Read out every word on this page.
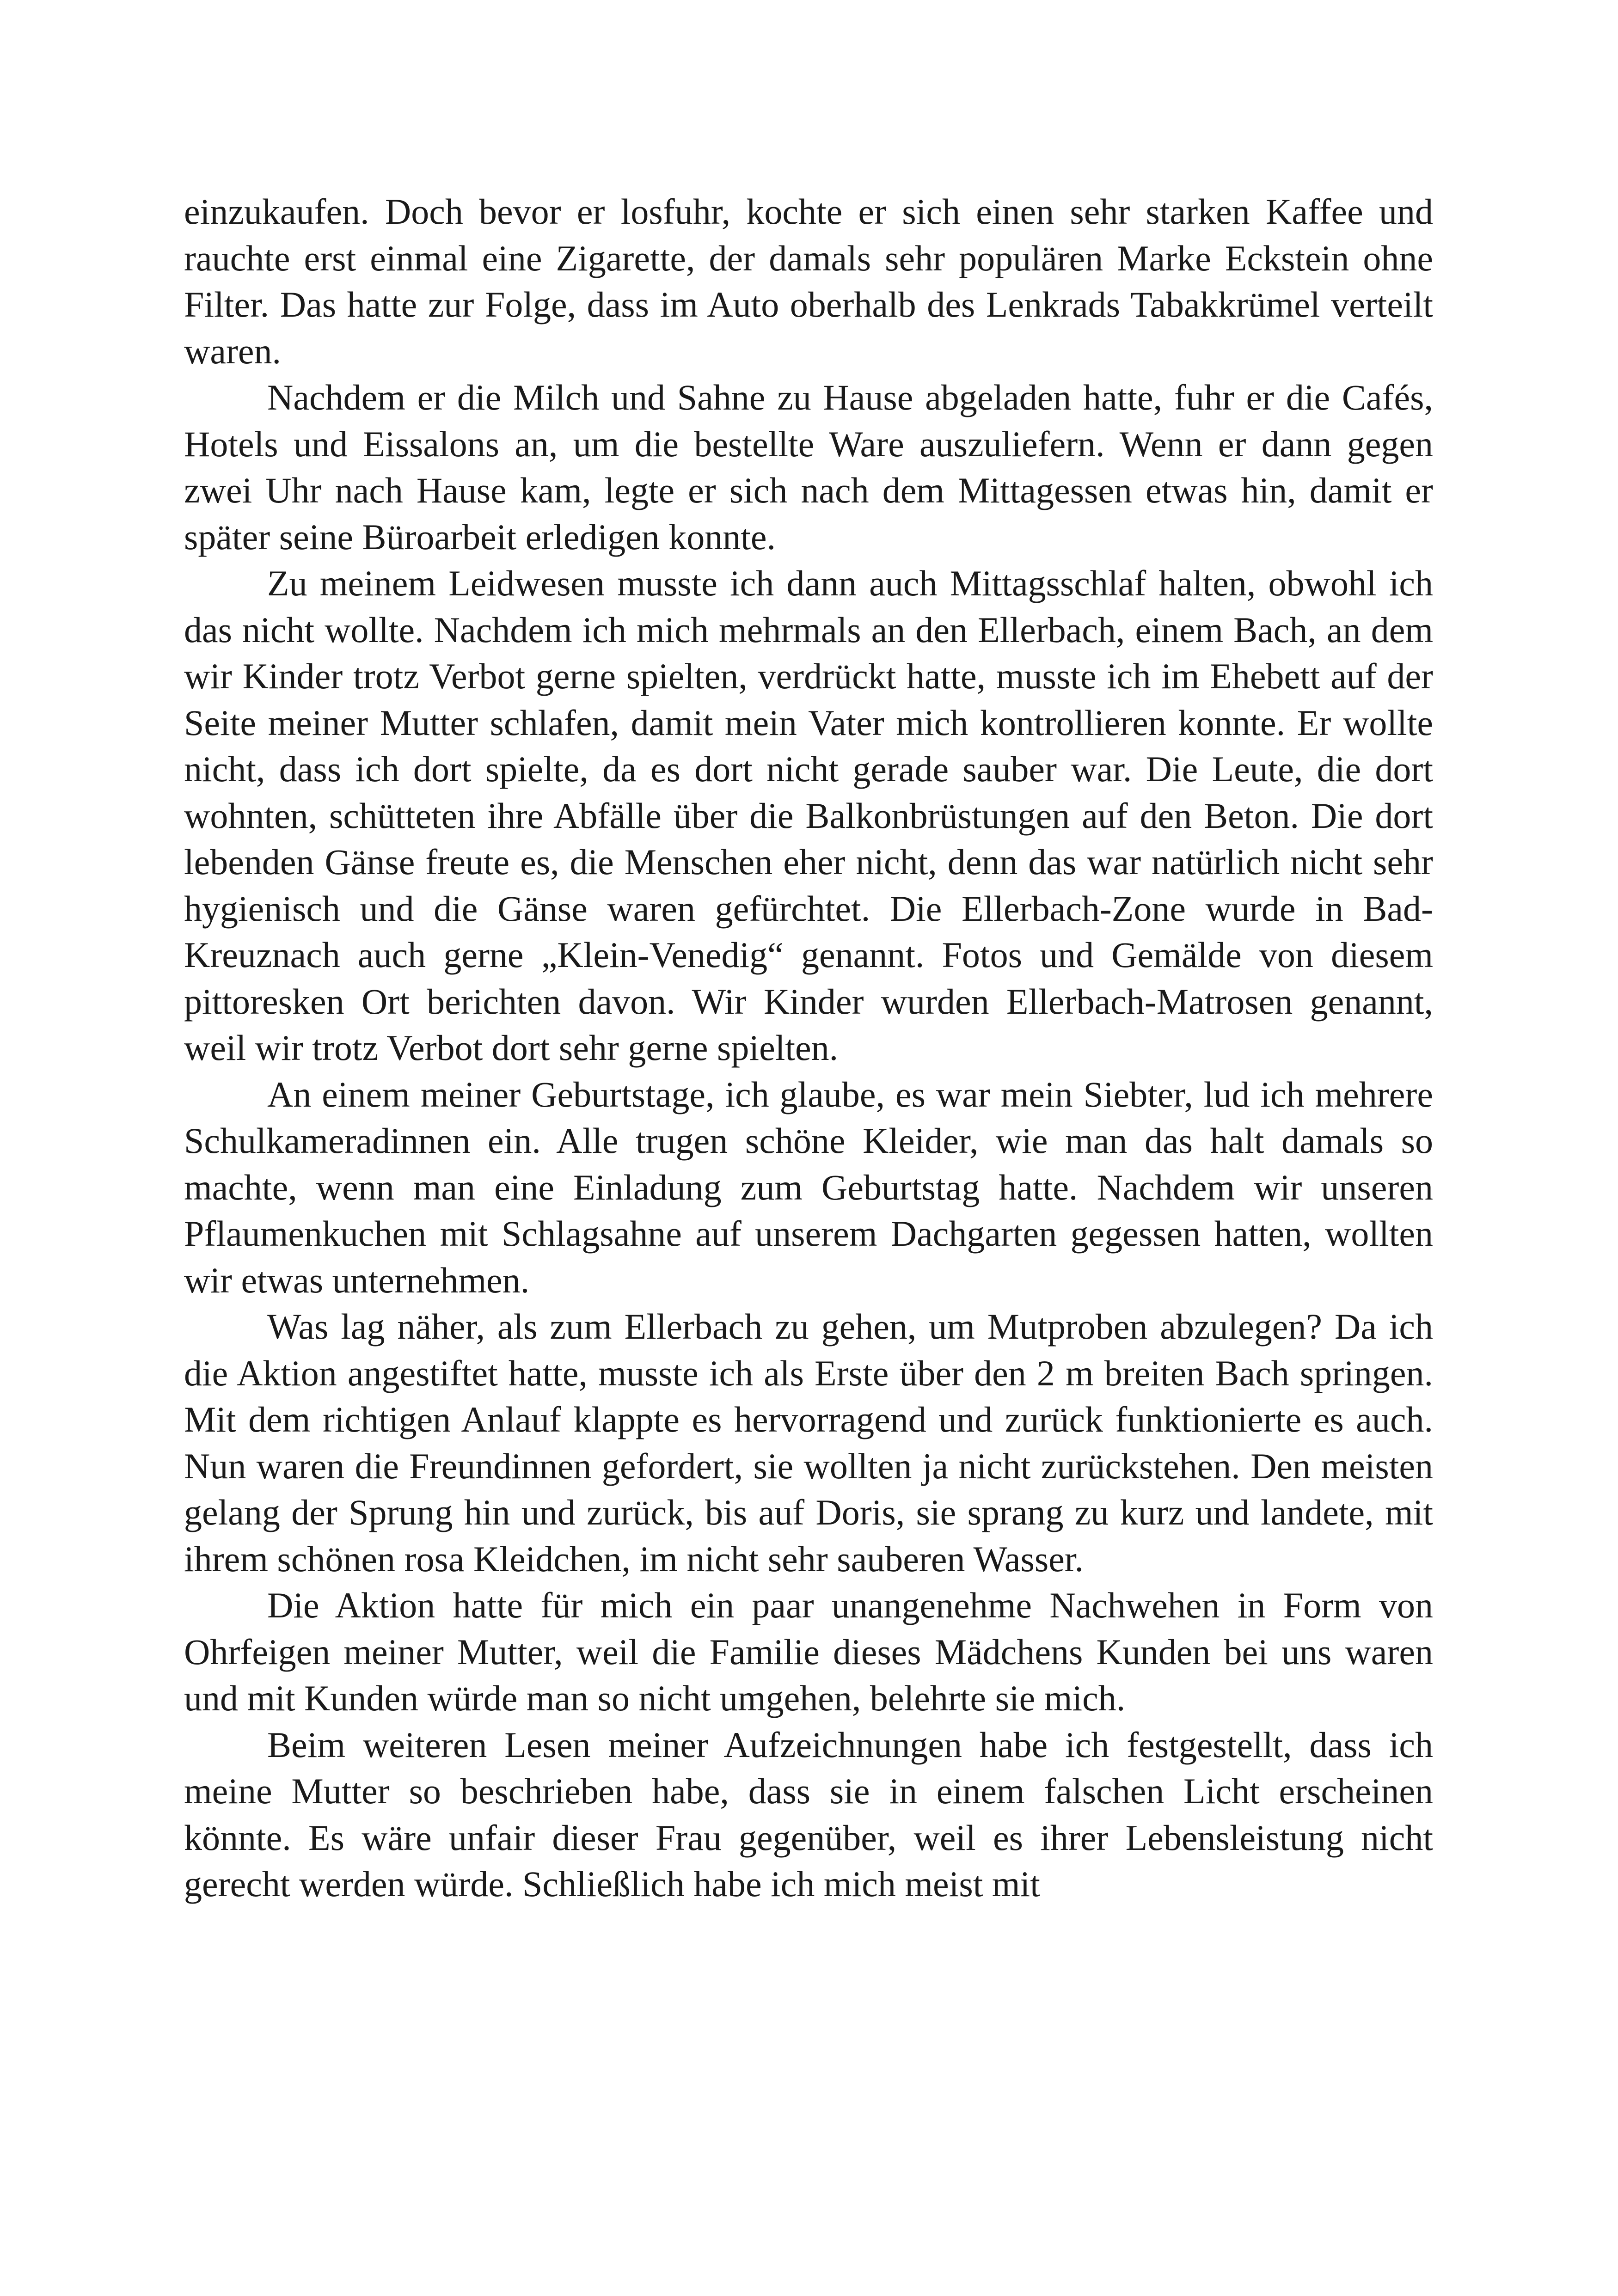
einzukaufen. Doch bevor er losfuhr, kochte er sich einen sehr starken Kaffee und rauchte erst einmal eine Zigarette, der damals sehr populären Marke Eckstein ohne Filter. Das hatte zur Folge, dass im Auto oberhalb des Lenkrads Tabakkrümel verteilt waren.

Nachdem er die Milch und Sahne zu Hause abgeladen hatte, fuhr er die Cafés, Hotels und Eissalons an, um die bestellte Ware auszuliefern. Wenn er dann gegen zwei Uhr nach Hause kam, legte er sich nach dem Mittagessen etwas hin, damit er später seine Büroarbeit erledigen konnte.

Zu meinem Leidwesen musste ich dann auch Mittagsschlaf halten, obwohl ich das nicht wollte. Nachdem ich mich mehrmals an den Ellerbach, einem Bach, an dem wir Kinder trotz Verbot gerne spielten, verdrückt hatte, musste ich im Ehebett auf der Seite meiner Mutter schlafen, damit mein Vater mich kontrollieren konnte. Er wollte nicht, dass ich dort spielte, da es dort nicht gerade sauber war. Die Leute, die dort wohnten, schütteten ihre Abfälle über die Balkonbrüstungen auf den Beton. Die dort lebenden Gänse freute es, die Menschen eher nicht, denn das war natürlich nicht sehr hygienisch und die Gänse waren gefürchtet. Die Ellerbach-Zone wurde in Bad-Kreuznach auch gerne „Klein-Venedig“ genannt. Fotos und Gemälde von diesem pittoresken Ort berichten davon. Wir Kinder wurden Ellerbach-Matrosen genannt, weil wir trotz Verbot dort sehr gerne spielten.

An einem meiner Geburtstage, ich glaube, es war mein Siebter, lud ich mehrere Schulkameradinnen ein. Alle trugen schöne Kleider, wie man das halt damals so machte, wenn man eine Einladung zum Geburtstag hatte. Nachdem wir unseren Pflaumenkuchen mit Schlagsahne auf unserem Dachgarten gegessen hatten, wollten wir etwas unternehmen.

Was lag näher, als zum Ellerbach zu gehen, um Mutproben abzulegen? Da ich die Aktion angestiftet hatte, musste ich als Erste über den 2 m breiten Bach springen. Mit dem richtigen Anlauf klappte es hervorragend und zurück funktionierte es auch. Nun waren die Freundinnen gefordert, sie wollten ja nicht zurückstehen. Den meisten gelang der Sprung hin und zurück, bis auf Doris, sie sprang zu kurz und landete, mit ihrem schönen rosa Kleidchen, im nicht sehr sauberen Wasser.

Die Aktion hatte für mich ein paar unangenehme Nachwehen in Form von Ohrfeigen meiner Mutter, weil die Familie dieses Mädchens Kunden bei uns waren und mit Kunden würde man so nicht umgehen, belehrte sie mich.

Beim weiteren Lesen meiner Aufzeichnungen habe ich festgestellt, dass ich meine Mutter so beschrieben habe, dass sie in einem falschen Licht erscheinen könnte. Es wäre unfair dieser Frau gegenüber, weil es ihrer Lebensleistung nicht gerecht werden würde. Schließlich habe ich mich meist mit
